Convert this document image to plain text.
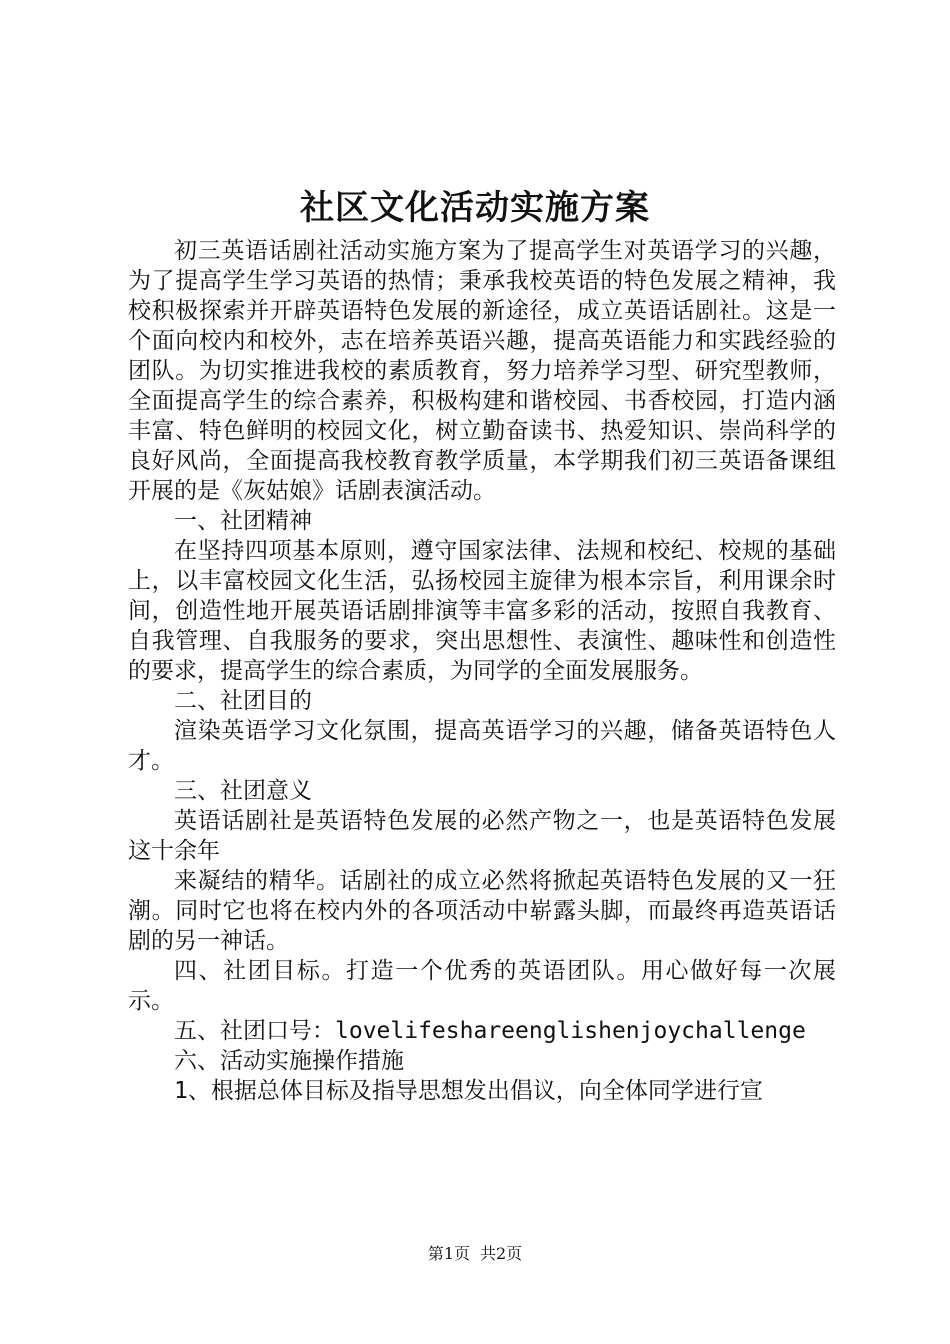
社区文化活动实施方案

初三英语话剧社活动实施方案为了提高学生对英语学习的兴趣，为了提高学生学习英语的热情；秉承我校英语的特色发展之精神，我校积极探索并开辟英语特色发展的新途径，成立英语话剧社。这是一个面向校内和校外，志在培养英语兴趣，提高英语能力和实践经验的团队。为切实推进我校的素质教育，努力培养学习型、研究型教师，全面提高学生的综合素养，积极构建和谐校园、书香校园，打造内涵丰富、特色鲜明的校园文化，树立勤奋读书、热爱知识、崇尚科学的良好风尚，全面提高我校教育教学质量，本学期我们初三英语备课组开展的是《灰姑娘》话剧表演活动。

一、社团精神

在坚持四项基本原则，遵守国家法律、法规和校纪、校规的基础上，以丰富校园文化生活，弘扬校园主旋律为根本宗旨，利用课余时间，创造性地开展英语话剧排演等丰富多彩的活动，按照自我教育、自我管理、自我服务的要求，突出思想性、表演性、趣味性和创造性的要求，提高学生的综合素质，为同学的全面发展服务。

二、社团目的

渲染英语学习文化氛围，提高英语学习的兴趣，储备英语特色人才。

三、社团意义

英语话剧社是英语特色发展的必然产物之一，也是英语特色发展这十余年

来凝结的精华。话剧社的成立必然将掀起英语特色发展的又一狂潮。同时它也将在校内外的各项活动中崭露头脚，而最终再造英语话剧的另一神话。

四、社团目标。打造一个优秀的英语团队。用心做好每一次展示。

五、社团口号：lovelifeshareenglishenjoychallenge

六、活动实施操作措施

1、根据总体目标及指导思想发出倡议，向全体同学进行宣

第1页 共2页
